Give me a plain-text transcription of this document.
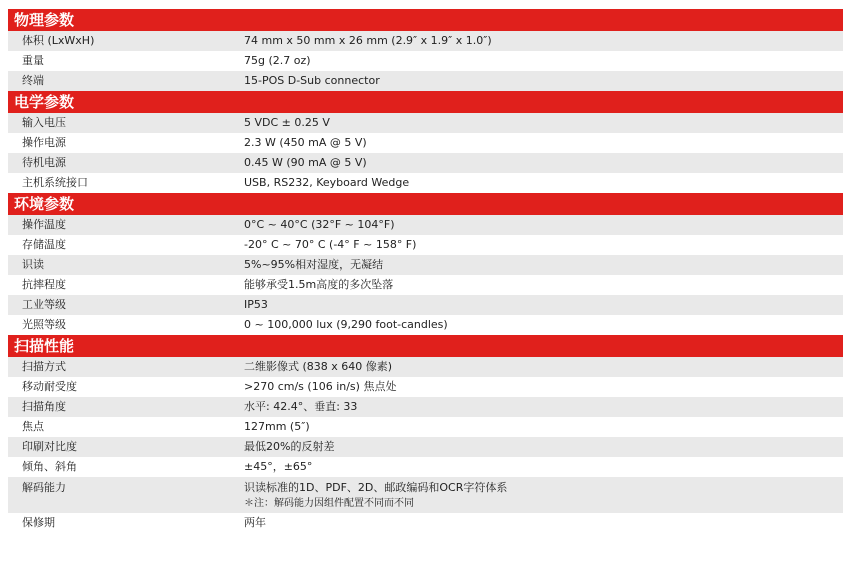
物理参数
体积 (LxWxH)	74 mm x 50 mm x 26 mm (2.9″ x 1.9″ x 1.0″)
重量	75g (2.7 oz)
终端	15-POS D-Sub connector
电学参数
输入电压	5 VDC ± 0.25 V
操作电源	2.3 W (450 mA @ 5 V)
待机电源	0.45 W (90 mA @ 5 V)
主机系统接口	USB, RS232, Keyboard Wedge
环境参数
操作温度	0°C ~ 40°C (32°F ~ 104°F)
存储温度	-20° C ~ 70° C (-4° F ~ 158° F)
识读	5%~95%相对湿度，无凝结
抗摔程度	能够承受1.5m高度的多次坠落
工业等级	IP53
光照等级	0 ~ 100,000 lux (9,290 foot-candles)
扫描性能
扫描方式	二维影像式 (838 x 640 像素)
移动耐受度	>270 cm/s (106 in/s) 焦点处
扫描角度	水平: 42.4°、垂直: 33
焦点	127mm (5″)
印刷对比度	最低20%的反射差
倾角、斜角	±45°，±65°
解码能力	识读标准的1D、PDF、2D、邮政编码和OCR字符体系
＊注：解码能力因组件配置不同而不同
保修期	两年
